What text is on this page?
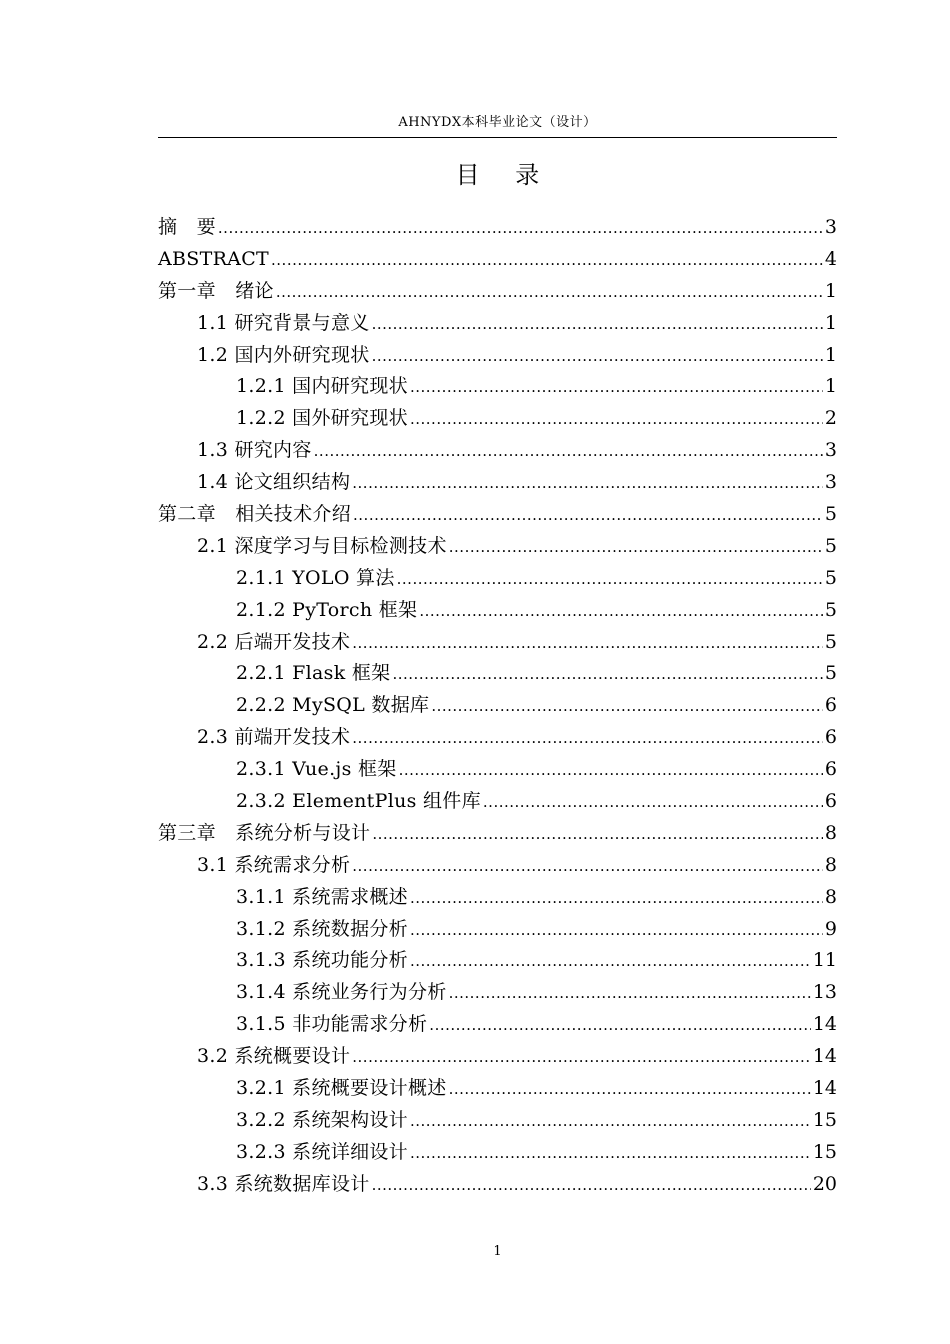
AHNYDX本科毕业论文（设计）
目 录
摘　要 .....	3
ABSTRACT .....	4
第一章　绪论 .....	1
1.1 研究背景与意义 .....	1
1.2 国内外研究现状 .....	1
1.2.1 国内研究现状 .....	1
1.2.2 国外研究现状 .....	2
1.3 研究内容 .....	3
1.4 论文组织结构 .....	3
第二章　相关技术介绍 .....	5
2.1 深度学习与目标检测技术 .....	5
2.1.1 YOLO 算法 .....	5
2.1.2 PyTorch 框架 .....	5
2.2 后端开发技术 .....	5
2.2.1 Flask 框架 .....	5
2.2.2 MySQL 数据库 .....	6
2.3 前端开发技术 .....	6
2.3.1 Vue.js 框架 .....	6
2.3.2 ElementPlus 组件库 .....	6
第三章　系统分析与设计 .....	8
3.1 系统需求分析 .....	8
3.1.1 系统需求概述 .....	8
3.1.2 系统数据分析 .....	9
3.1.3 系统功能分析 .....	11
3.1.4 系统业务行为分析 .....	13
3.1.5 非功能需求分析 .....	14
3.2 系统概要设计 .....	14
3.2.1 系统概要设计概述 .....	14
3.2.2 系统架构设计 .....	15
3.2.3 系统详细设计 .....	15
3.3 系统数据库设计 .....	20
1
